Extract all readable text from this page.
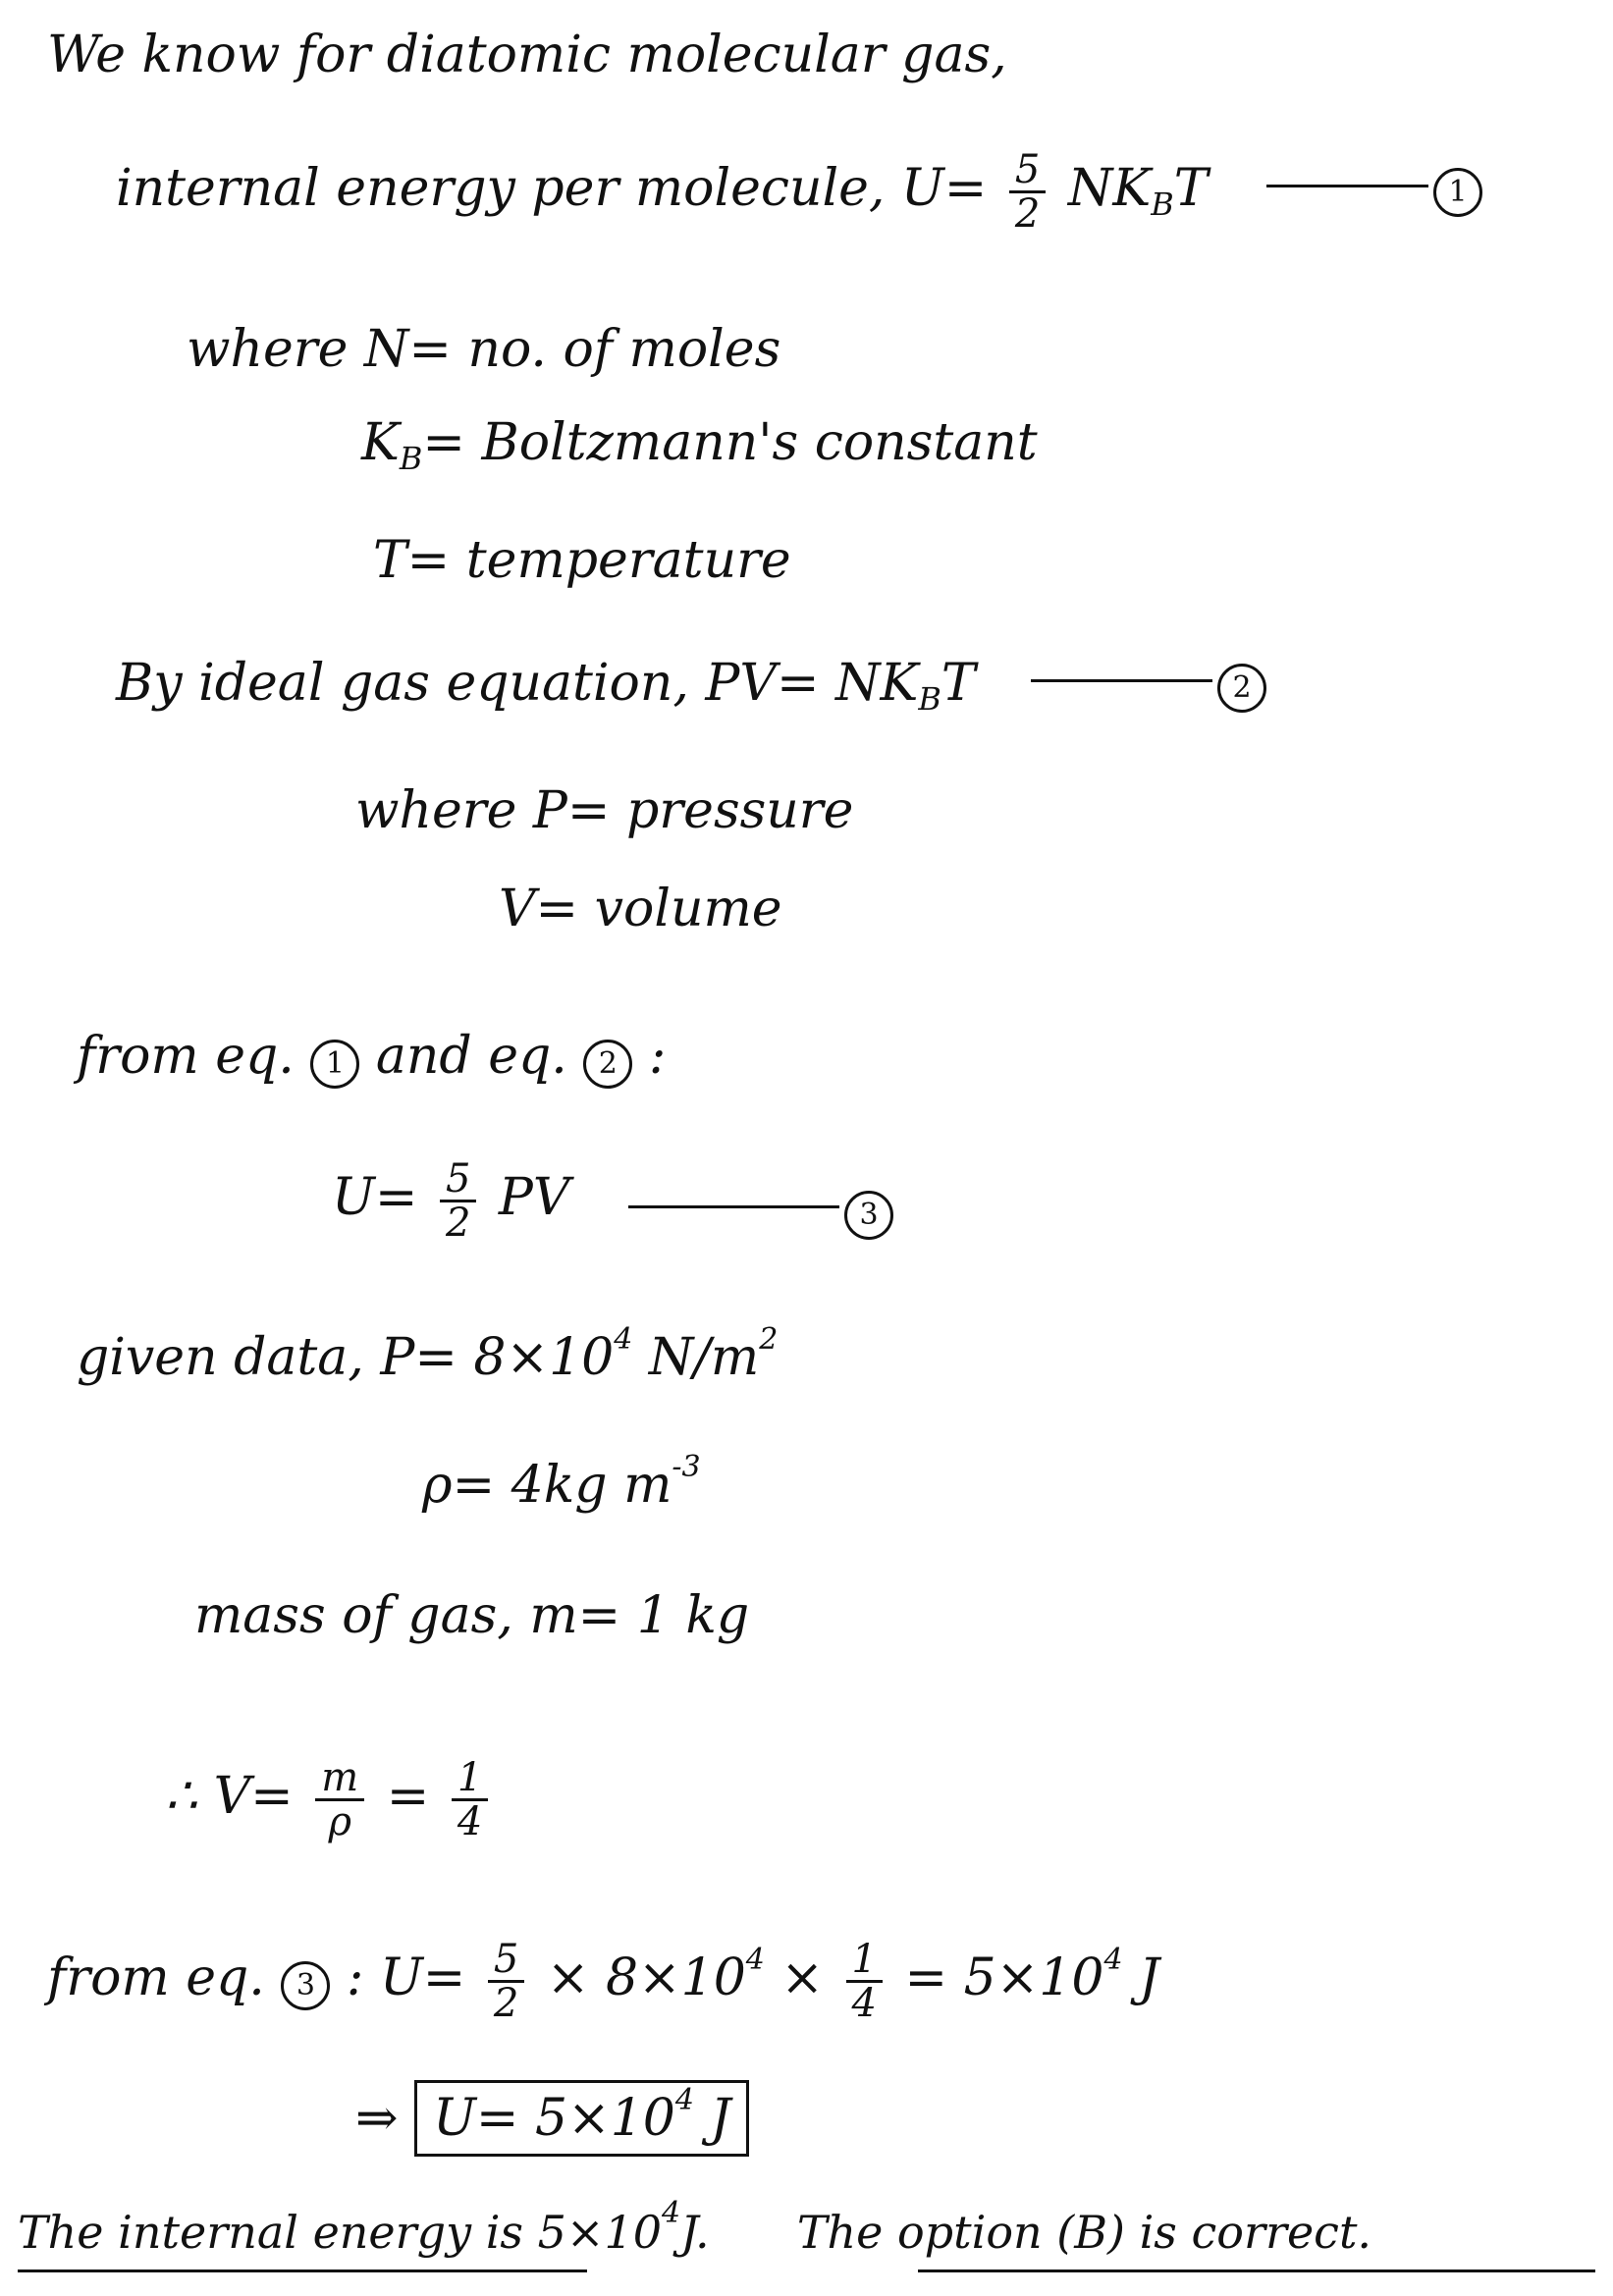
We know for diatomic molecular gas,
internal energy per molecule, $U= \frac{5}{2} NK_BT$	1
where N= no. of moles
$K_B=$ Boltzmann's constant
T= temperature
By ideal gas equation, $PV= NK_BT$	2
where P= pressure
V= volume
from eq. 1 and eq. 2 :
$U= \frac{5}{2}$ PV	3
given data, $P= 8\times 10^4$ $N/m^2$
ρ= 4kg $m^{-3}$
mass of gas, m= 1 kg
∴ $V= \frac{m}{\rho} = \frac{1}{4}$
from eq. 3 : $U= \frac{5}{2} \times 8\times 10^4 \times \frac{1}{4} = 5\times 10^4$ J
⇒ $U= 5\times 10^4$ J
The internal energy is $5\times 10^4J$. The option (B) is correct.
